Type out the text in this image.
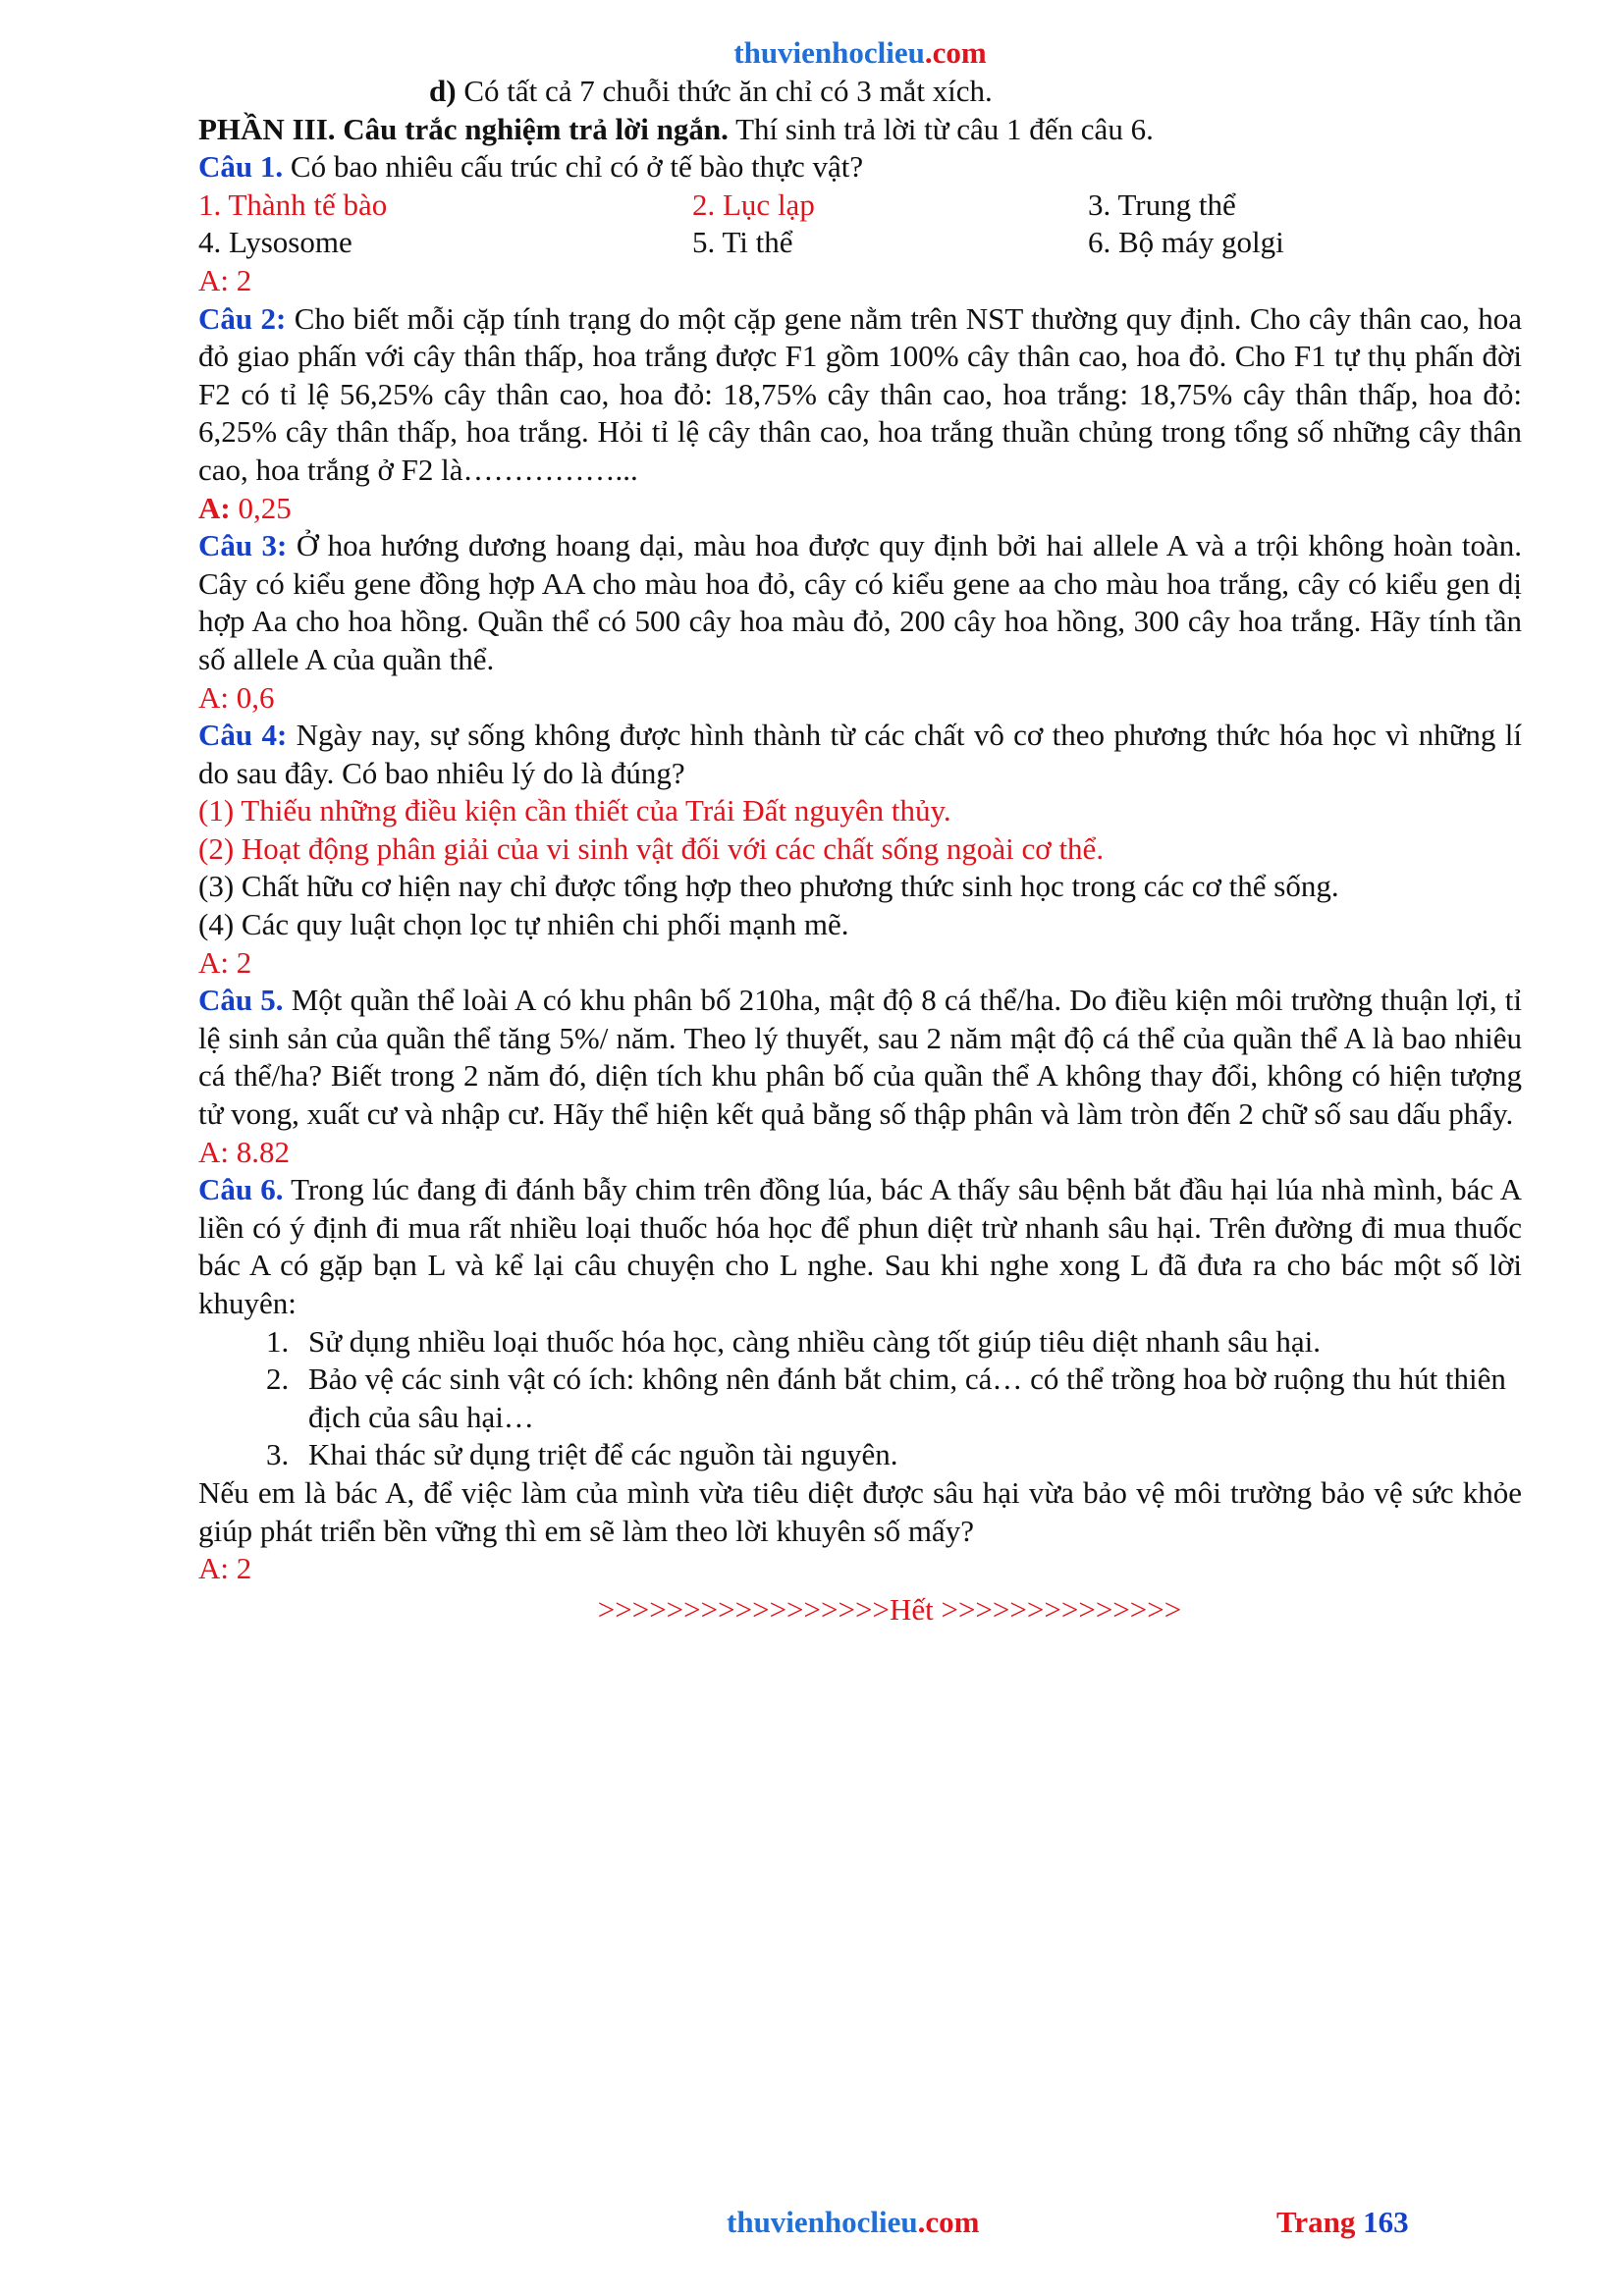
thuvienhoclieu.com
d) Có tất cả 7 chuỗi thức ăn chỉ có 3 mắt xích.
PHẦN III. Câu trắc nghiệm trả lời ngắn. Thí sinh trả lời từ câu 1 đến câu 6.
Câu 1. Có bao nhiêu cấu trúc chỉ có ở tế bào thực vật?
1. Thành tế bào	2. Lục lạp	3. Trung thể
4. Lysosome	5. Ti thể	6. Bộ máy golgi
A: 2
Câu 2: Cho biết mỗi cặp tính trạng do một cặp gene nằm trên NST thường quy định. Cho cây thân cao, hoa đỏ giao phấn với cây thân thấp, hoa trắng được F1 gồm 100% cây thân cao, hoa đỏ. Cho F1 tự thụ phấn đời F2 có tỉ lệ 56,25% cây thân cao, hoa đỏ: 18,75% cây thân cao, hoa trắng: 18,75% cây thân thấp, hoa đỏ: 6,25% cây thân thấp, hoa trắng. Hỏi tỉ lệ cây thân cao, hoa trắng thuần chủng trong tổng số những cây thân cao, hoa trắng ở F2 là……………...
A: 0,25
Câu 3: Ở hoa hướng dương hoang dại, màu hoa được quy định bởi hai allele A và a trội không hoàn toàn. Cây có kiểu gene đồng hợp AA cho màu hoa đỏ, cây có kiểu gene aa cho màu hoa trắng, cây có kiểu gen dị hợp Aa cho hoa hồng. Quần thể có 500 cây hoa màu đỏ, 200 cây hoa hồng, 300 cây hoa trắng. Hãy tính tần số allele A của quần thể.
A: 0,6
Câu 4: Ngày nay, sự sống không được hình thành từ các chất vô cơ theo phương thức hóa học vì những lí do sau đây. Có bao nhiêu lý do là đúng?
(1) Thiếu những điều kiện cần thiết của Trái Đất nguyên thủy.
(2) Hoạt động phân giải của vi sinh vật đối với các chất sống ngoài cơ thể.
(3) Chất hữu cơ hiện nay chỉ được tổng hợp theo phương thức sinh học trong các cơ thể sống.
(4) Các quy luật chọn lọc tự nhiên chi phối mạnh mẽ.
A: 2
Câu 5. Một quần thể loài A có khu phân bố 210ha, mật độ 8 cá thể/ha. Do điều kiện môi trường thuận lợi, tỉ lệ sinh sản của quần thể tăng 5%/ năm. Theo lý thuyết, sau 2 năm mật độ cá thể của quần thể A là bao nhiêu cá thể/ha? Biết trong 2 năm đó, diện tích khu phân bố của quần thể A không thay đổi, không có hiện tượng tử vong, xuất cư và nhập cư. Hãy thể hiện kết quả bằng số thập phân và làm tròn đến 2 chữ số sau dấu phẩy.
A: 8.82
Câu 6. Trong lúc đang đi đánh bẫy chim trên đồng lúa, bác A thấy sâu bệnh bắt đầu hại lúa nhà mình, bác A liền có ý định đi mua rất nhiều loại thuốc hóa học để phun diệt trừ nhanh sâu hại. Trên đường đi mua thuốc bác A có gặp bạn L và kể lại câu chuyện cho L nghe. Sau khi nghe xong L đã đưa ra cho bác một số lời khuyên:
1. Sử dụng nhiều loại thuốc hóa học, càng nhiều càng tốt giúp tiêu diệt nhanh sâu hại.
2. Bảo vệ các sinh vật có ích: không nên đánh bắt chim, cá… có thể trồng hoa bờ ruộng thu hút thiên địch của sâu hại…
3. Khai thác sử dụng triệt để các nguồn tài nguyên.
Nếu em là bác A, để việc làm của mình vừa tiêu diệt được sâu hại vừa bảo vệ môi trường bảo vệ sức khỏe giúp phát triển bền vững thì em sẽ làm theo lời khuyên số mấy?
A: 2
>>>>>>>>>>>>>>>>>Hết >>>>>>>>>>>>>>
thuvienhoclieu.com	Trang 163
